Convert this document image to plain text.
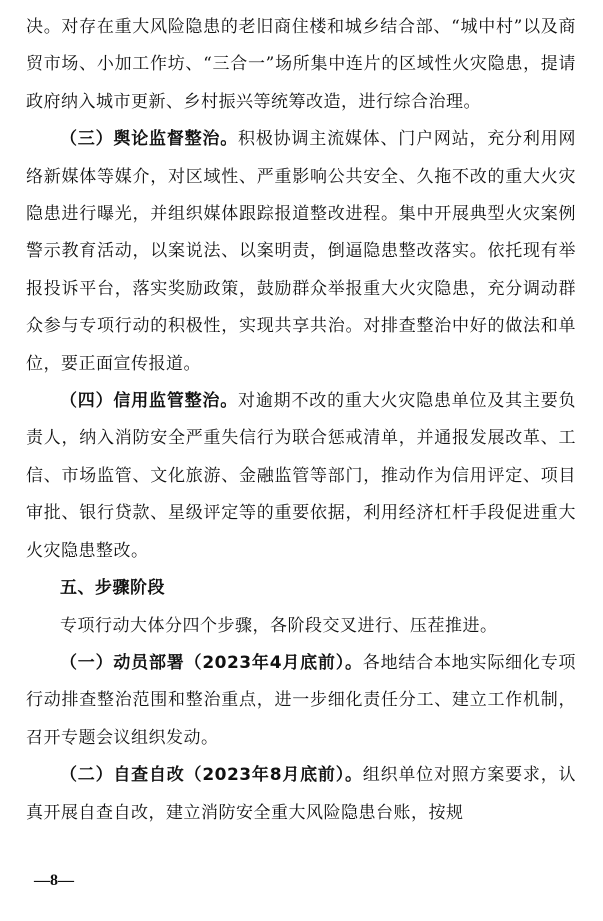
决。对存在重大风险隐患的老旧商住楼和城乡结合部、“城中村”以及商贸市场、小加工作坊、“三合一”场所集中连片的区域性火灾隐患，提请政府纳入城市更新、乡村振兴等统筹改造，进行综合治理。

（三）舆论监督整治。积极协调主流媒体、门户网站，充分利用网络新媒体等媒介，对区域性、严重影响公共安全、久拖不改的重大火灾隐患进行曝光，并组织媒体跟踪报道整改进程。集中开展典型火灾案例警示教育活动，以案说法、以案明责，倒逼隐患整改落实。依托现有举报投诉平台，落实奖励政策，鼓励群众举报重大火灾隐患，充分调动群众参与专项行动的积极性，实现共享共治。对排查整治中好的做法和单位，要正面宣传报道。

（四）信用监管整治。对逾期不改的重大火灾隐患单位及其主要负责人，纳入消防安全严重失信行为联合惩戒清单，并通报发展改革、工信、市场监管、文化旅游、金融监管等部门，推动作为信用评定、项目审批、银行贷款、星级评定等的重要依据，利用经济杠杆手段促进重大火灾隐患整改。

五、步骤阶段

专项行动大体分四个步骤，各阶段交叉进行、压茬推进。

（一）动员部署（2023年4月底前）。各地结合本地实际细化专项行动排查整治范围和整治重点，进一步细化责任分工、建立工作机制，召开专题会议组织发动。

（二）自查自改（2023年8月底前）。组织单位对照方案要求，认真开展自查自改，建立消防安全重大风险隐患台账，按规

—8—
